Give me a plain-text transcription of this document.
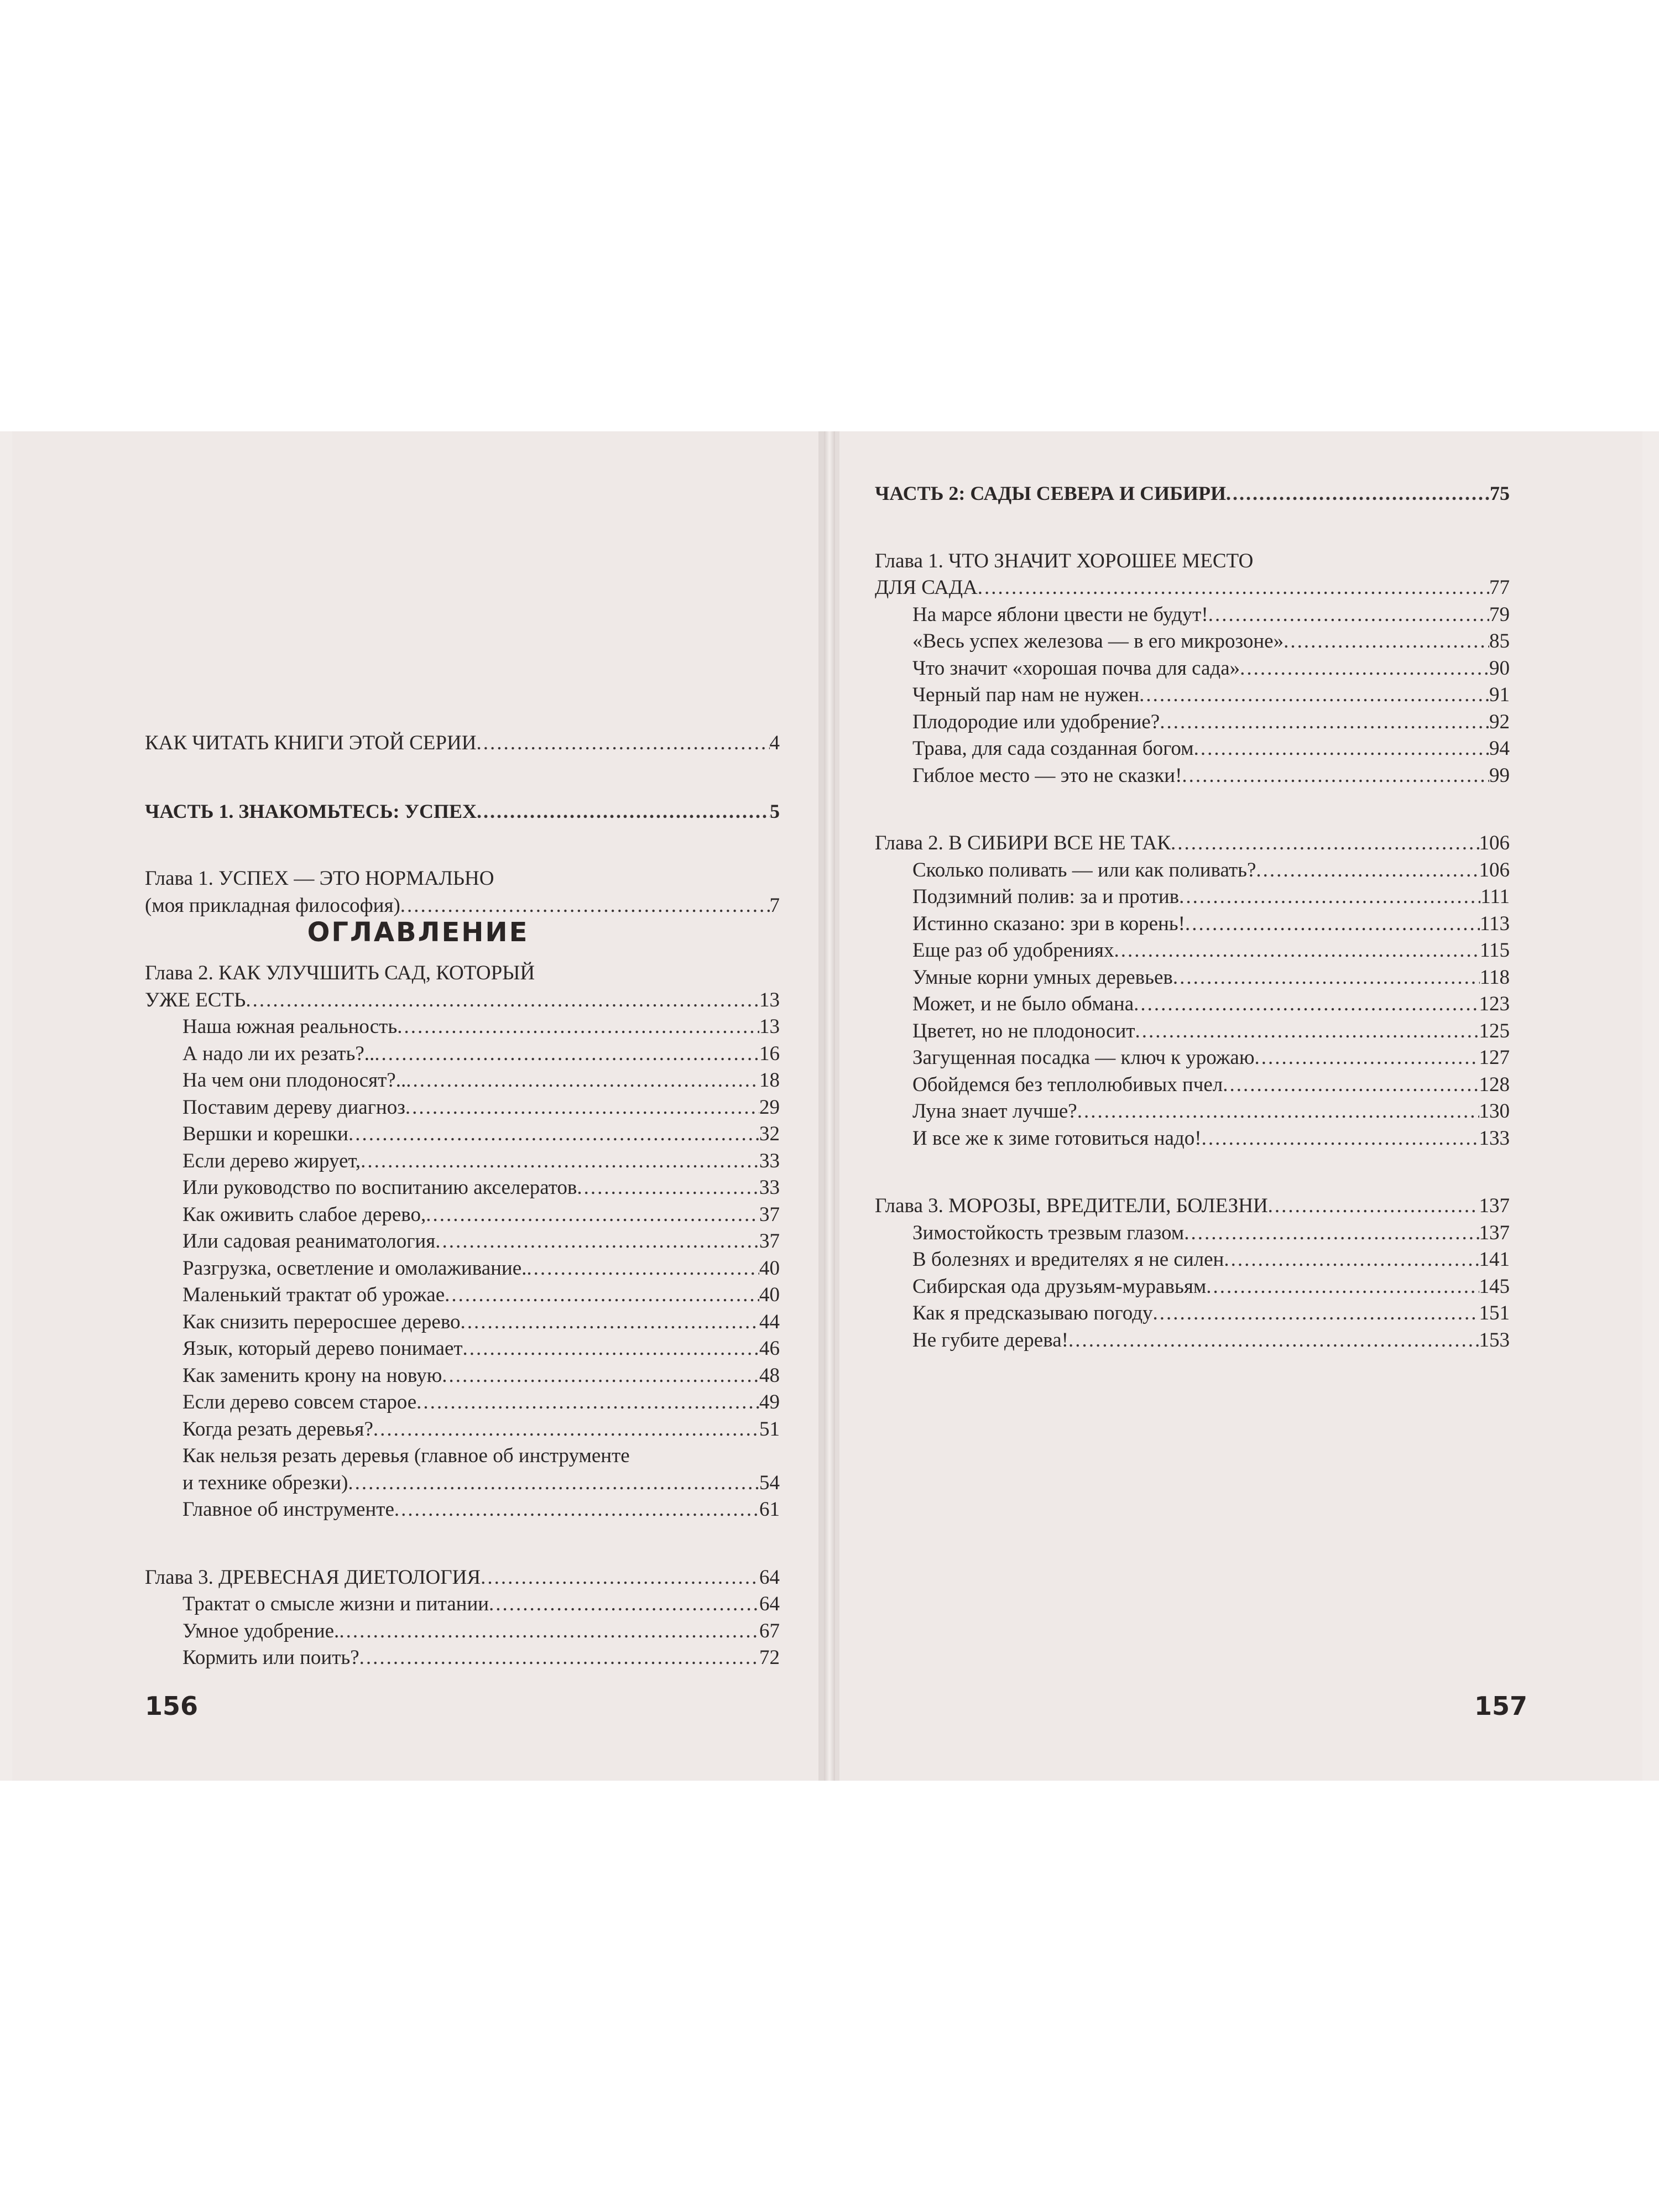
ОГЛАВЛЕНИЕ
КАК ЧИТАТЬ КНИГИ ЭТОЙ СЕРИИ .....	4
ЧАСТЬ 1. ЗНАКОМЬТЕСЬ: УСПЕХ .....	5
Глава 1. УСПЕХ — ЭТО НОРМАЛЬНО
(моя прикладная философия) .....	7
Глава 2. КАК УЛУЧШИТЬ САД, КОТОРЫЙ
УЖЕ ЕСТЬ .....	13
Наша южная реальность .....	13
А надо ли их резать?.. .....	16
На чем они плодоносят?.. .....	18
Поставим дереву диагноз .....	29
Вершки и корешки .....	32
Если дерево жирует, .....	33
Или руководство по воспитанию акселератов .....	33
Как оживить слабое дерево, .....	37
Или садовая реаниматология .....	37
Разгрузка, осветление и омолаживание. .....	40
Маленький трактат об урожае .....	40
Как снизить переросшее дерево .....	44
Язык, который дерево понимает .....	46
Как заменить крону на новую .....	48
Если дерево совсем старое .....	49
Когда резать деревья? .....	51
Как нельзя резать деревья (главное об инструменте
и технике обрезки) .....	54
Главное об инструменте .....	61
Глава 3. ДРЕВЕСНАЯ ДИЕТОЛОГИЯ .....	64
Трактат о смысле жизни и питании .....	64
Умное удобрение. .....	67
Кормить или поить? .....	72
156
ЧАСТЬ 2: САДЫ СЕВЕРА И СИБИРИ .....	75
Глава 1. ЧТО ЗНАЧИТ ХОРОШЕЕ МЕСТО
ДЛЯ САДА .....	77
На марсе яблони цвести не будут! .....	79
«Весь успех железова — в его микрозоне» .....	85
Что значит «хорошая почва для сада» .....	90
Черный пар нам не нужен .....	91
Плодородие или удобрение? .....	92
Трава, для сада созданная богом .....	94
Гиблое место — это не сказки! .....	99
Глава 2. В СИБИРИ ВСЕ НЕ ТАК .....	106
Сколько поливать — или как поливать? .....	106
Подзимний полив: за и против .....	111
Истинно сказано: зри в корень! .....	113
Еще раз об удобрениях .....	115
Умные корни умных деревьев .....	118
Может, и не было обмана .....	123
Цветет, но не плодоносит .....	125
Загущенная посадка — ключ к урожаю .....	127
Обойдемся без теплолюбивых пчел .....	128
Луна знает лучше? .....	130
И все же к зиме готовиться надо! .....	133
Глава 3. МОРОЗЫ, ВРЕДИТЕЛИ, БОЛЕЗНИ .....	137
Зимостойкость трезвым глазом .....	137
В болезнях и вредителях я не силен .....	141
Сибирская ода друзьям-муравьям .....	145
Как я предсказываю погоду .....	151
Не губите дерева! .....	153
157
